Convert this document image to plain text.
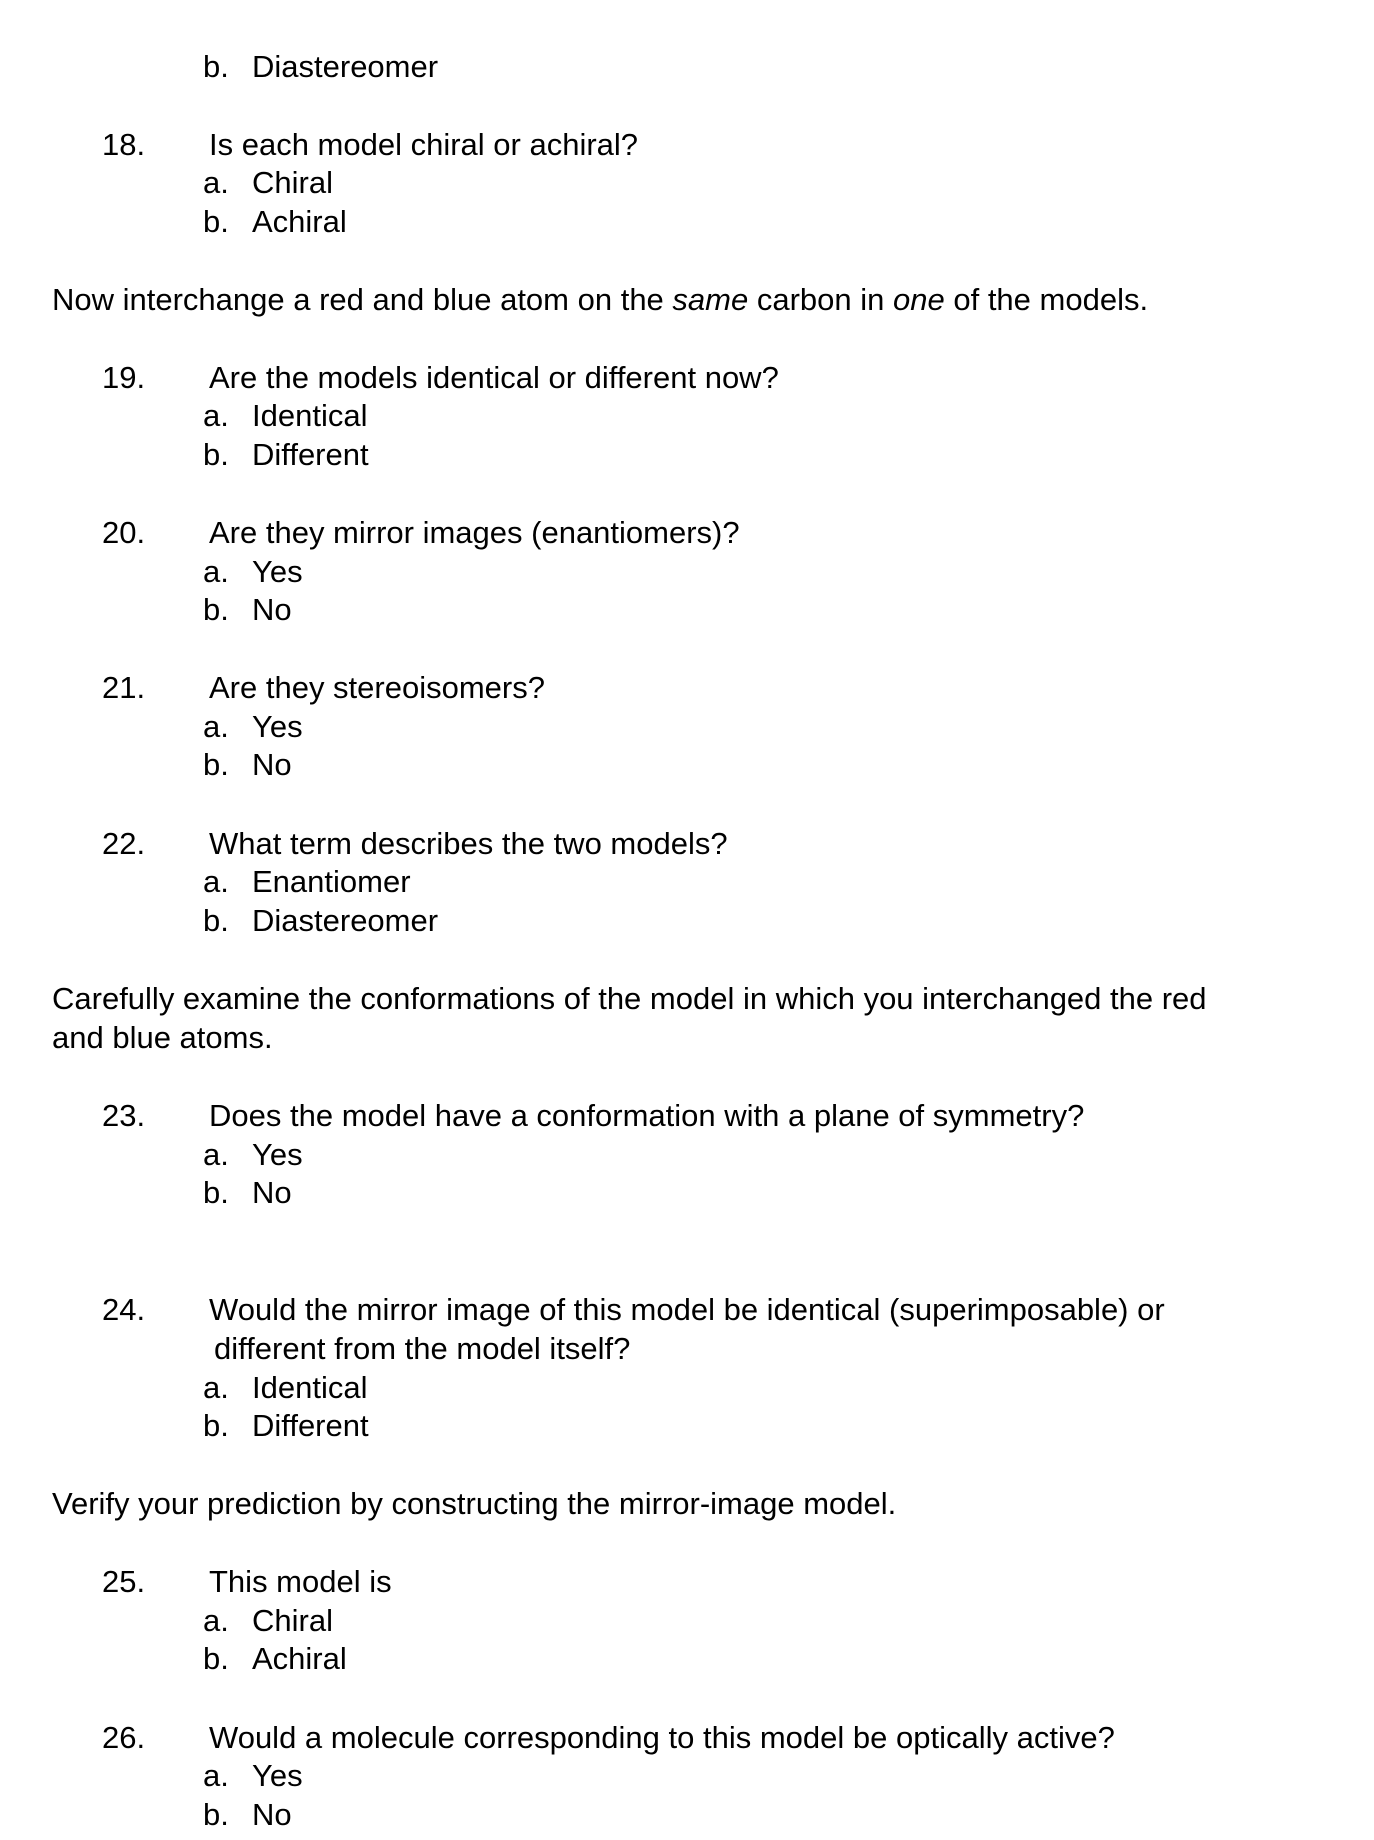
b. Diastereomer
18. Is each model chiral or achiral?
a. Chiral
b. Achiral
Now interchange a red and blue atom on the same carbon in one of the models.
19. Are the models identical or different now?
a. Identical
b. Different
20. Are they mirror images (enantiomers)?
a. Yes
b. No
21. Are they stereoisomers?
a. Yes
b. No
22. What term describes the two models?
a. Enantiomer
b. Diastereomer
Carefully examine the conformations of the model in which you interchanged the red
and blue atoms.
23. Does the model have a conformation with a plane of symmetry?
a. Yes
b. No
24. Would the mirror image of this model be identical (superimposable) or
different from the model itself?
a. Identical
b. Different
Verify your prediction by constructing the mirror-image model.
25. This model is
a. Chiral
b. Achiral
26. Would a molecule corresponding to this model be optically active?
a. Yes
b. No
